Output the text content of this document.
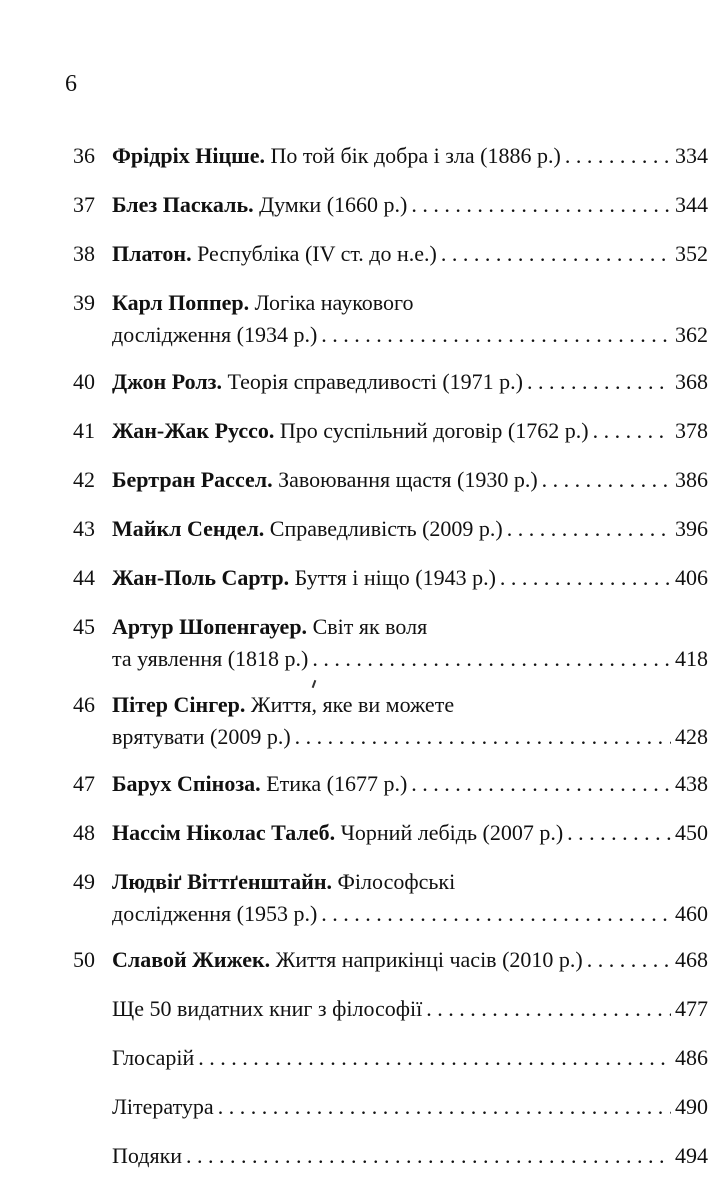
6
36 Фрідріх Ніцше. По той бік добра і зла (1886 р.) . . .	334
37 Блез Паскаль. Думки (1660 р.) . . .	344
38 Платон. Республіка (IV ст. до н.е.) . . .	352
39 Карл Поппер. Логіка наукового
дослідження (1934 р.) . . .	362
40 Джон Ролз. Теорія справедливості (1971 р.) . . .	368
41 Жан-Жак Руссо. Про суспільний договір (1762 р.) . . .	378
42 Бертран Рассел. Завоювання щастя (1930 р.) . . .	386
43 Майкл Сендел. Справедливість (2009 р.) . . .	396
44 Жан-Поль Сартр. Буття і ніщо (1943 р.) . . .	406
45 Артур Шопенгауер. Світ як воля
та уявлення (1818 р.) . . .	418
46 Пітер Сінгер. Життя, яке ви можете
врятувати (2009 р.) . . .	428
47 Барух Спіноза. Етика (1677 р.) . . .	438
48 Нассім Ніколас Талеб. Чорний лебідь (2007 р.) . . .	450
49 Людвіґ Віттґенштайн. Філософські
дослідження (1953 р.) . . .	460
50 Славой Жижек. Життя наприкінці часів (2010 р.) . . .	468
Ще 50 видатних книг з філософії . . .	477
Глосарій . . .	486
Література . . .	490
Подяки . . .	494
